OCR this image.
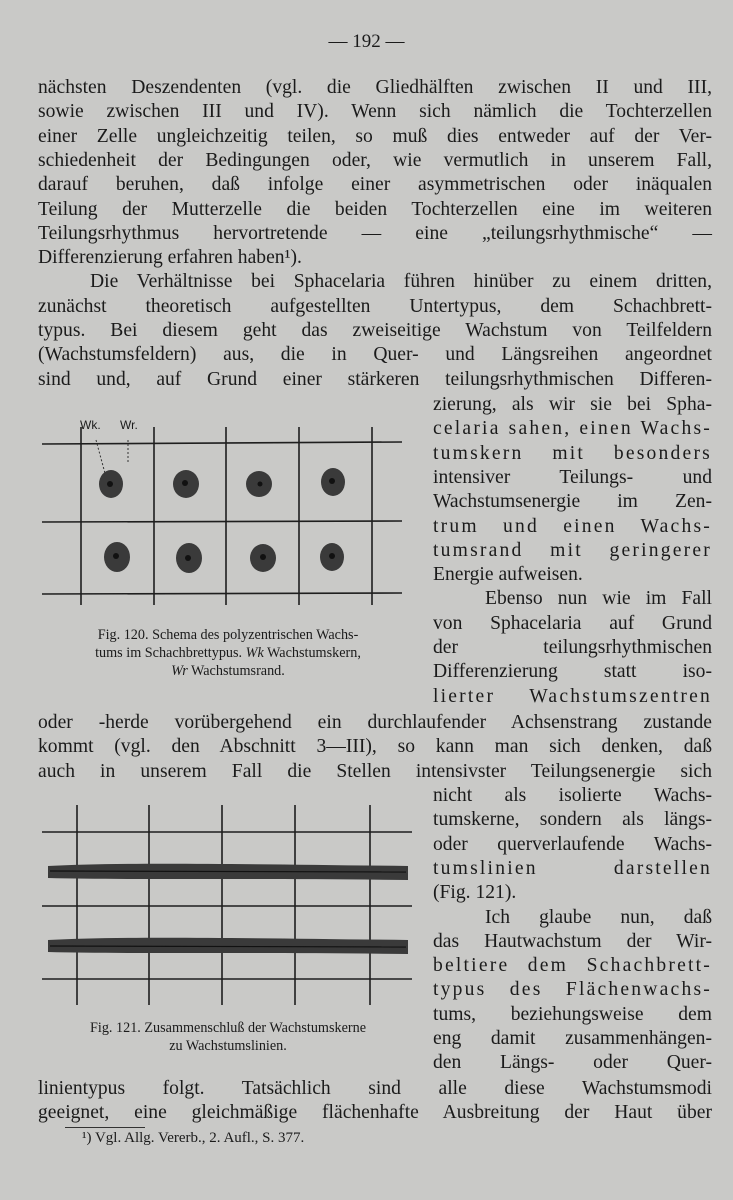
— 192 —
nächsten Deszendenten (vgl. die Gliedhälften zwischen II und III,
sowie zwischen III und IV). Wenn sich nämlich die Tochterzellen
einer Zelle ungleichzeitig teilen, so muß dies entweder auf der Ver-
schiedenheit der Bedingungen oder, wie vermutlich in unserem Fall,
darauf beruhen, daß infolge einer asymmetrischen oder inäqualen
Teilung der Mutterzelle die beiden Tochterzellen eine im weiteren
Teilungsrhythmus hervortretende — eine „teilungsrhythmische“ —
Differenzierung erfahren haben¹).
Die Verhältnisse bei Sphacelaria führen hinüber zu einem dritten,
zunächst theoretisch aufgestellten Untertypus, dem Schachbrett-
typus. Bei diesem geht das zweiseitige Wachstum von Teilfeldern
(Wachstumsfeldern) aus, die in Quer- und Längsreihen angeordnet
sind und, auf Grund einer stärkeren teilungsrhythmischen Differen-
zierung, als wir sie bei Spha-
celaria sahen, einen Wachs-
tumskern mit besonders
intensiver Teilungs- und
Wachstumsenergie im Zen-
trum und einen Wachs-
tumsrand mit geringerer
Energie aufweisen.
Ebenso nun wie im Fall
von Sphacelaria auf Grund
der teilungsrhythmischen
Differenzierung statt iso-
lierter Wachstumszentren
oder -herde vorübergehend ein durchlaufender Achsenstrang zustande
kommt (vgl. den Abschnitt 3—III), so kann man sich denken, daß
auch in unserem Fall die Stellen intensivster Teilungsenergie sich
nicht als isolierte Wachs-
tumskerne, sondern als längs-
oder querverlaufende Wachs-
tumslinien darstellen
(Fig. 121).
Ich glaube nun, daß
das Hautwachstum der Wir-
beltiere dem Schachbrett-
typus des Flächenwachs-
tums, beziehungsweise dem
eng damit zusammenhängen-
den Längs- oder Quer-
linientypus folgt. Tatsächlich sind alle diese Wachstumsmodi
geeignet, eine gleichmäßige flächenhafte Ausbreitung der Haut über
Wk. Wr.
Fig. 120. Schema des polyzentrischen Wachs-
tums im Schachbrettypus. Wk Wachstumskern,
Wr Wachstumsrand.
Fig. 121. Zusammenschluß der Wachstumskerne
zu Wachstumslinien.
¹) Vgl. Allg. Vererb., 2. Aufl., S. 377.
